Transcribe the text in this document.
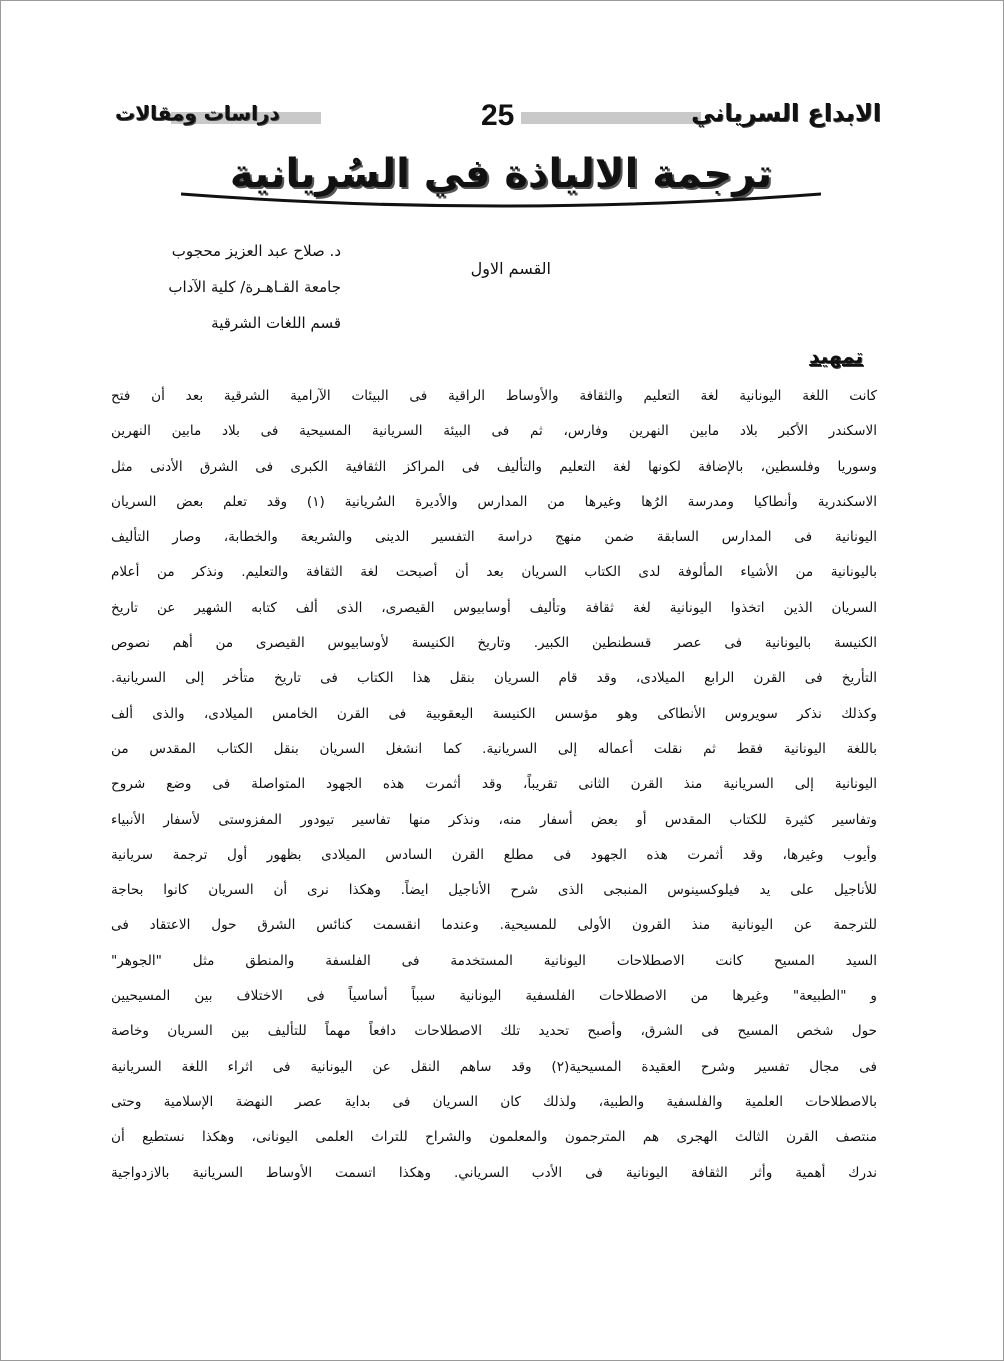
الابداع السرياني
25
دراسات ومقالات
ترجمة الالياذة في السُريانية
د. صلاح عبد العزيز محجوب
جامعة القـاهـرة/ كلية الآداب
قسم اللغات الشرقية
القسم الاول
تمهيد
كانت اللغة اليونانية لغة التعليم والثقافة والأوساط الراقية فى البيئات الآرامية الشرقية بعد أن فتح
الاسكندر الأكبر بلاد مابين النهرين وفارس، ثم فى البيئة السريانية المسيحية فى بلاد مابين النهرين
وسوريا وفلسطين، بالإضافة لكونها لغة التعليم والتأليف فى المراكز الثقافية الكبرى فى الشرق الأدنى مثل
الاسكندرية وأنطاكيا ومدرسة الرُها وغيرها من المدارس والأديرة السُريانية (١) وقد تعلم بعض السريان
اليونانية فى المدارس السابقة ضمن منهج دراسة التفسير الدينى والشريعة والخطابة، وصار التأليف
باليونانية من الأشياء المألوفة لدى الكتاب السريان بعد أن أصبحت لغة الثقافة والتعليم. ونذكر من أعلام
السريان الذين اتخذوا اليونانية لغة ثقافة وتأليف أوسابيوس القيصرى، الذى ألف كتابه الشهير عن تاريخ
الكنيسة باليونانية فى عصر قسطنطين الكبير. وتاريخ الكنيسة لأوسابيوس القيصرى من أهم نصوص
التأريخ فى القرن الرابع الميلادى، وقد قام السريان بنقل هذا الكتاب فى تاريخ متأخر إلى السريانية.
وكذلك نذكر سويروس الأنطاكى وهو مؤسس الكنيسة اليعقوبية فى القرن الخامس الميلادى، والذى ألف
باللغة اليونانية فقط ثم نقلت أعماله إلى السريانية. كما انشغل السريان بنقل الكتاب المقدس من
اليونانية إلى السريانية منذ القرن الثانى تقريباً، وقد أثمرت هذه الجهود المتواصلة فى وضع شروح
وتفاسير كثيرة للكتاب المقدس أو بعض أسفار منه، ونذكر منها تفاسير تيودور المفزوستى لأسفار الأنبياء
وأيوب وغيرها، وقد أثمرت هذه الجهود فى مطلع القرن السادس الميلادى بظهور أول ترجمة سريانية
للأناجيل على يد فيلوكسينوس المنبجى الذى شرح الأناجيل ايضاً. وهكذا نرى أن السريان كانوا بحاجة
للترجمة عن اليونانية منذ القرون الأولى للمسيحية. وعندما انقسمت كنائس الشرق حول الاعتقاد فى
السيد المسيح كانت الاصطلاحات اليونانية المستخدمة فى الفلسفة والمنطق مثل "الجوهر"
و "الطبيعة" وغيرها من الاصطلاحات الفلسفية اليونانية سبباً أساسياً فى الاختلاف بين المسيحيين
حول شخص المسيح فى الشرق، وأصبح تحديد تلك الاصطلاحات دافعاً مهماً للتأليف بين السريان وخاصة
فى مجال تفسير وشرح العقيدة المسيحية(٢) وقد ساهم النقل عن اليونانية فى اثراء اللغة السريانية
بالاصطلاحات العلمية والفلسفية والطبية، ولذلك كان السريان فى بداية عصر النهضة الإسلامية وحتى
منتصف القرن الثالث الهجرى هم المترجمون والمعلمون والشراح للتراث العلمى اليونانى، وهكذا نستطيع أن
ندرك أهمية وأثر الثقافة اليونانية فى الأدب السرياني. وهكذا اتسمت الأوساط السريانية بالازدواجية
